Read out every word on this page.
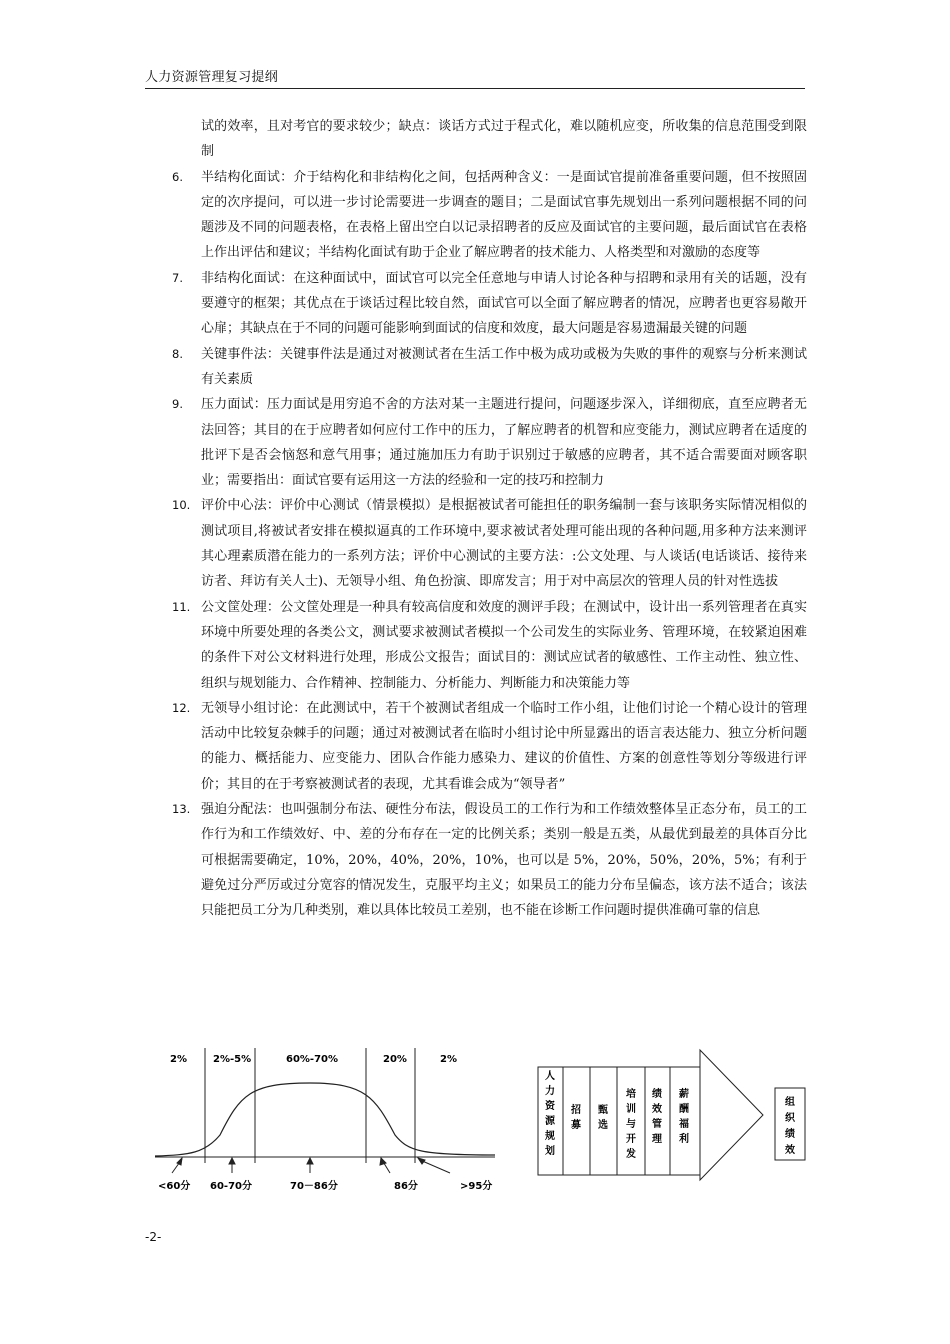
人力资源管理复习提纲
试的效率，且对考官的要求较少；缺点：谈话方式过于程式化，难以随机应变，所收集的信息范围受到限制
6. 半结构化面试：介于结构化和非结构化之间，包括两种含义：一是面试官提前准备重要问题，但不按照固定的次序提问，可以进一步讨论需要进一步调查的题目；二是面试官事先规划出一系列问题根据不同的问题涉及不同的问题表格，在表格上留出空白以记录招聘者的反应及面试官的主要问题，最后面试官在表格上作出评估和建议；半结构化面试有助于企业了解应聘者的技术能力、人格类型和对激励的态度等
7. 非结构化面试：在这种面试中，面试官可以完全任意地与申请人讨论各种与招聘和录用有关的话题，没有要遵守的框架；其优点在于谈话过程比较自然，面试官可以全面了解应聘者的情况，应聘者也更容易敞开心扉；其缺点在于不同的问题可能影响到面试的信度和效度，最大问题是容易遗漏最关键的问题
8. 关键事件法：关键事件法是通过对被测试者在生活工作中极为成功或极为失败的事件的观察与分析来测试有关素质
9. 压力面试：压力面试是用穷追不舍的方法对某一主题进行提问，问题逐步深入，详细彻底，直至应聘者无法回答；其目的在于应聘者如何应付工作中的压力，了解应聘者的机智和应变能力，测试应聘者在适度的批评下是否会恼怒和意气用事；通过施加压力有助于识别过于敏感的应聘者，其不适合需要面对顾客职业；需要指出：面试官要有运用这一方法的经验和一定的技巧和控制力
10. 评价中心法：评价中心测试（情景模拟）是根据被试者可能担任的职务编制一套与该职务实际情况相似的测试项目,将被试者安排在模拟逼真的工作环境中,要求被试者处理可能出现的各种问题,用多种方法来测评其心理素质潜在能力的一系列方法；评价中心测试的主要方法：:公文处理、与人谈话(电话谈话、接待来访者、拜访有关人士)、无领导小组、角色扮演、即席发言；用于对中高层次的管理人员的针对性选拔
11. 公文筐处理：公文筐处理是一种具有较高信度和效度的测评手段；在测试中，设计出一系列管理者在真实环境中所要处理的各类公文，测试要求被测试者模拟一个公司发生的实际业务、管理环境，在较紧迫困难的条件下对公文材料进行处理，形成公文报告；面试目的：测试应试者的敏感性、工作主动性、独立性、组织与规划能力、合作精神、控制能力、分析能力、判断能力和决策能力等
12. 无领导小组讨论：在此测试中，若干个被测试者组成一个临时工作小组，让他们讨论一个精心设计的管理活动中比较复杂棘手的问题；通过对被测试者在临时小组讨论中所显露出的语言表达能力、独立分析问题的能力、概括能力、应变能力、团队合作能力感染力、建议的价值性、方案的创意性等划分等级进行评价；其目的在于考察被测试者的表现，尤其看谁会成为“领导者”
13. 强迫分配法：也叫强制分布法、硬性分布法，假设员工的工作行为和工作绩效整体呈正态分布，员工的工作行为和工作绩效好、中、差的分布存在一定的比例关系；类别一般是五类，从最优到最差的具体百分比可根据需要确定，10%，20%，40%，20%，10%，也可以是 5%，20%，50%，20%，5%；有利于避免过分严厉或过分宽容的情况发生，克服平均主义；如果员工的能力分布呈偏态，该方法不适合；该法只能把员工分为几种类别，难以具体比较员工差别，也不能在诊断工作问题时提供准确可靠的信息
2%	2%-5%	60%-70%	20%	2%
<60分 60-70分	70－86分	86分	>95分
人力资源规划
招募
甄选
培训与开发
绩效管理
薪酬福利
组织绩效
-2-
